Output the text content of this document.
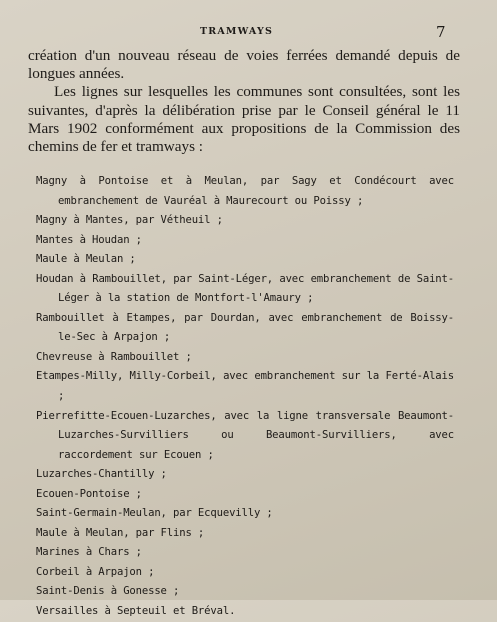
TRAMWAYS	7

création d'un nouveau réseau de voies ferrées demandé depuis de longues années.

Les lignes sur lesquelles les communes sont consultées, sont les suivantes, d'après la délibération prise par le Conseil général le 11 Mars 1902 conformément aux propositions de la Commission des chemins de fer et tramways :

Magny à Pontoise et à Meulan, par Sagy et Condécourt avec embranchement de Vauréal à Maurecourt ou Poissy ;
Magny à Mantes, par Vétheuil ;
Mantes à Houdan ;
Maule à Meulan ;
Houdan à Rambouillet, par Saint-Léger, avec embranchement de Saint-Léger à la station de Montfort-l'Amaury ;
Rambouillet à Etampes, par Dourdan, avec embranchement de Boissy-le-Sec à Arpajon ;
Chevreuse à Rambouillet ;
Etampes-Milly, Milly-Corbeil, avec embranchement sur la Ferté-Alais ;
Pierrefitte-Ecouen-Luzarches, avec la ligne transversale Beaumont-Luzarches-Survilliers ou Beaumont-Survilliers, avec raccordement sur Ecouen ;
Luzarches-Chantilly ;
Ecouen-Pontoise ;
Saint-Germain-Meulan, par Ecquevilly ;
Maule à Meulan, par Flins ;
Marines à Chars ;
Corbeil à Arpajon ;
Saint-Denis à Gonesse ;
Versailles à Septeuil et Bréval.
